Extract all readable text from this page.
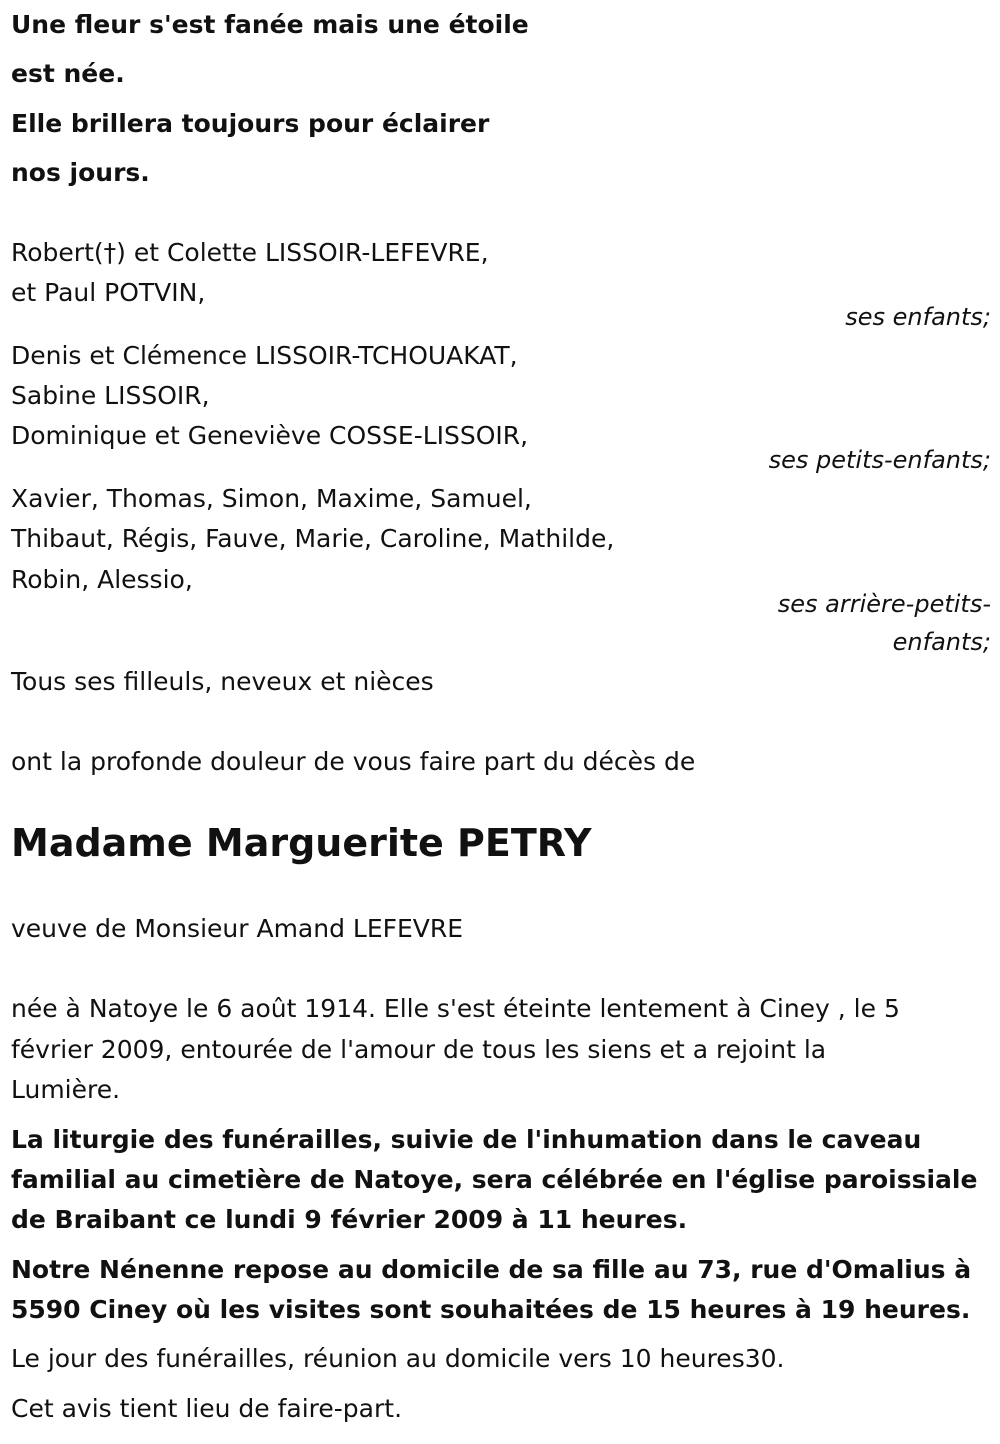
Une fleur s'est fanée mais une étoile
est née.
Elle brillera toujours pour éclairer
nos jours.
Robert(†) et Colette LISSOIR-LEFEVRE,
et Paul POTVIN,
ses enfants;
Denis et Clémence LISSOIR-TCHOUAKAT,
Sabine LISSOIR,
Dominique et Geneviève COSSE-LISSOIR,
ses petits-enfants;
Xavier, Thomas, Simon, Maxime, Samuel,
Thibaut, Régis, Fauve, Marie, Caroline, Mathilde,
Robin, Alessio,
ses arrière-petits-
enfants;
Tous ses filleuls, neveux et nièces
ont la profonde douleur de vous faire part du décès de
Madame Marguerite PETRY
veuve de Monsieur Amand LEFEVRE
née à Natoye le 6 août 1914. Elle s'est éteinte lentement à Ciney , le 5
février 2009, entourée de l'amour de tous les siens et a rejoint la
Lumière.
La liturgie des funérailles, suivie de l'inhumation dans le caveau
familial au cimetière de Natoye, sera célébrée en l'église paroissiale
de Braibant ce lundi 9 février 2009 à 11 heures.
Notre Nénenne repose au domicile de sa fille au 73, rue d'Omalius à
5590 Ciney où les visites sont souhaitées de 15 heures à 19 heures.
Le jour des funérailles, réunion au domicile vers 10 heures30.
Cet avis tient lieu de faire-part.
